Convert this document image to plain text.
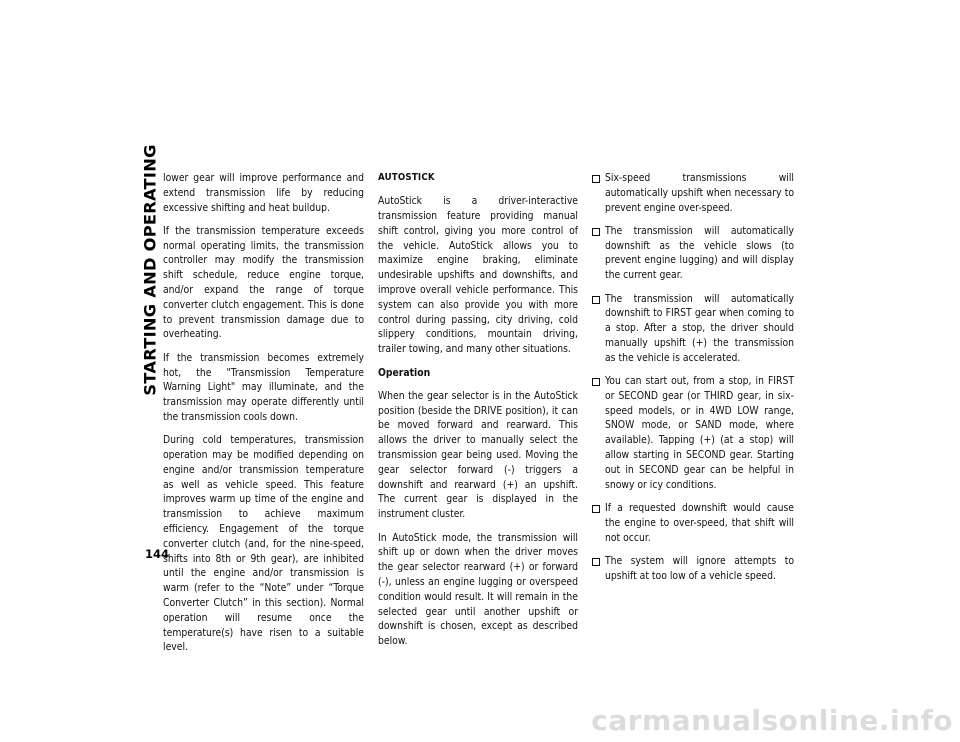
STARTING AND OPERATING
144

lower gear will improve performance and extend transmission life by reducing excessive shifting and heat buildup.

If the transmission temperature exceeds normal operating limits, the transmission controller may modify the transmission shift schedule, reduce engine torque, and/or expand the range of torque converter clutch engagement. This is done to prevent transmission damage due to overheating.

If the transmission becomes extremely hot, the "Transmission Temperature Warning Light" may illuminate, and the transmission may operate differently until the transmission cools down.

During cold temperatures, transmission operation may be modified depending on engine and/or transmission temperature as well as vehicle speed. This feature improves warm up time of the engine and transmission to achieve maximum efficiency. Engagement of the torque converter clutch (and, for the nine-speed, shifts into 8th or 9th gear), are inhibited until the engine and/or transmission is warm (refer to the “Note” under “Torque Converter Clutch” in this section). Normal operation will resume once the temperature(s) have risen to a suitable level.

AUTOSTICK

AutoStick is a driver-interactive transmission feature providing manual shift control, giving you more control of the vehicle. AutoStick allows you to maximize engine braking, eliminate undesirable upshifts and downshifts, and improve overall vehicle performance. This system can also provide you with more control during passing, city driving, cold slippery conditions, mountain driving, trailer towing, and many other situations.

Operation

When the gear selector is in the AutoStick position (beside the DRIVE position), it can be moved forward and rearward. This allows the driver to manually select the transmission gear being used. Moving the gear selector forward (-) triggers a downshift and rearward (+) an upshift. The current gear is displayed in the instrument cluster.

In AutoStick mode, the transmission will shift up or down when the driver moves the gear selector rearward (+) or forward (-), unless an engine lugging or overspeed condition would result. It will remain in the selected gear until another upshift or downshift is chosen, except as described below.

Six-speed transmissions will automatically upshift when necessary to prevent engine over-speed.
The transmission will automatically downshift as the vehicle slows (to prevent engine lugging) and will display the current gear.
The transmission will automatically downshift to FIRST gear when coming to a stop. After a stop, the driver should manually upshift (+) the transmission as the vehicle is accelerated.
You can start out, from a stop, in FIRST or SECOND gear (or THIRD gear, in six-speed models, or in 4WD LOW range, SNOW mode, or SAND mode, where available). Tapping (+) (at a stop) will allow starting in SECOND gear. Starting out in SECOND gear can be helpful in snowy or icy conditions.
If a requested downshift would cause the engine to over-speed, that shift will not occur.
The system will ignore attempts to upshift at too low of a vehicle speed.
carmanualsonline.info
